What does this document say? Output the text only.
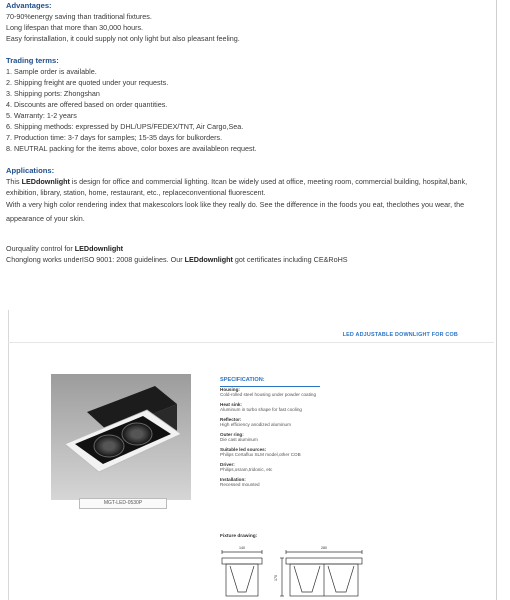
Advantages:

70-90%energy saving than traditional fixtures.

Long lifespan that more than 30,000 hours.

Easy forinstallation, it could supply not only light but also pleasant feeling.

Trading terms:

1. Sample order is available.

2. Shipping freight are quoted under your requests.

3. Shipping ports: Zhongshan

4. Discounts are offered based on order quantities.

5. Warranty: 1-2 years

6. Shipping methods: expressed by DHL/UPS/FEDEX/TNT, Air Cargo,Sea.

7. Production time: 3-7 days for samples; 15-35 days for bulkorders.

8. NEUTRAL packing for the items above, color boxes are availableon request.

Applications:

This LEDdownlight is design for office and commercial lighting. Itcan be widely used at office, meeting room, commercial building, hospital,bank, exhibition, library, station, home, restaurant, etc., replaceconventional fluorescent.

With a very high color rendering index that makescolors look like they really do. See the difference in the foods you eat, theclothes you wear, the appearance of your skin.

Ourquality control for LEDdownlight

Chonglong works underISO 9001: 2008 guidelines. Our LEDdownlight got certificates including CE&RoHS

LED ADJUSTABLE DOWNLIGHT FOR COB
MGT-LED-0530P
SPECIFICATION:
Housing:
Cold-rolled steel housing under powder coating
Heat sink:
Aluminum in turbo shape for fast cooling
Reflector:
High efficiency anodized aluminum
Outer ring:
Die cast aluminum
Suitable led sources:
Philips Certaflux SLM model,other COB
Driver:
Philips,osram,tridonic, etc
Installation:
Recessed mounted
Fixture drawing:
140	280
170
